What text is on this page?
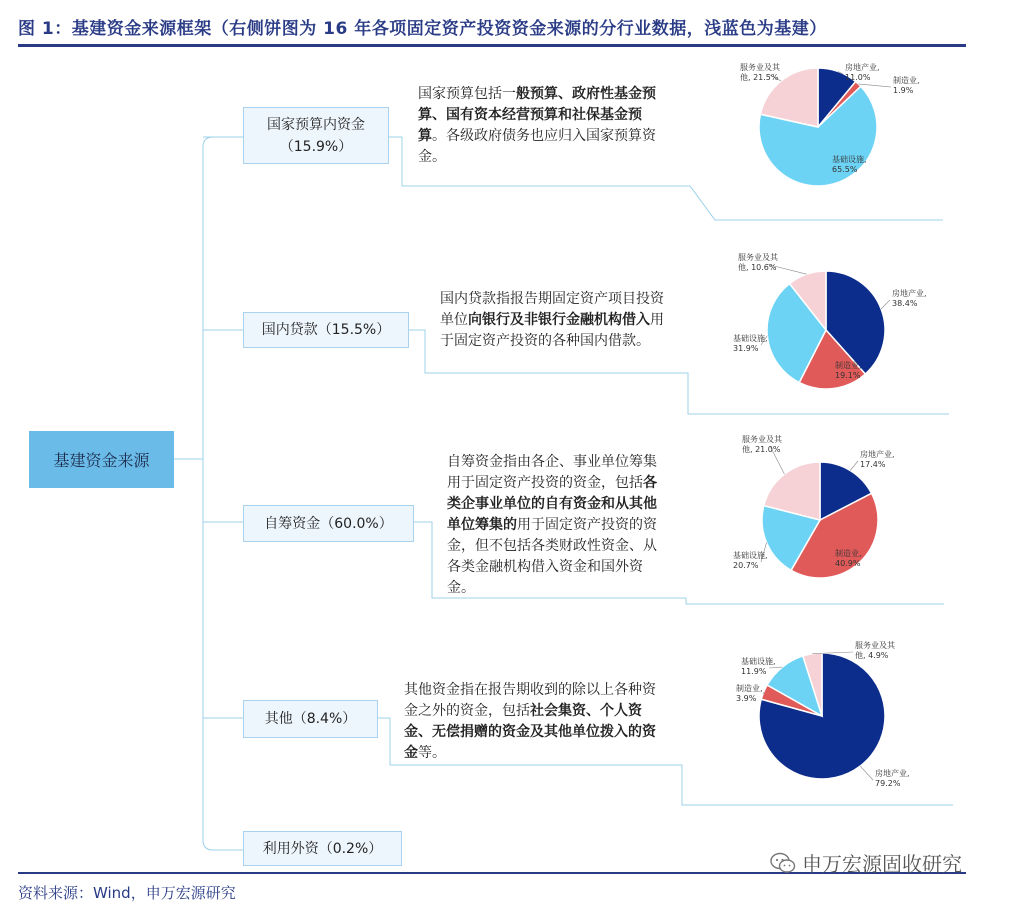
图 1：基建资金来源框架（右侧饼图为 16 年各项固定资产投资资金来源的分行业数据，浅蓝色为基建）
基建资金来源
国家预算内资金
（15.9%）
国内贷款（15.5%）
自筹资金（60.0%）
其他（8.4%）
利用外资（0.2%）
国家预算包括一般预算、政府性基金预算、国有资本经营预算和社保基金预算。各级政府债务也应归入国家预算资金。
国内贷款指报告期固定资产项目投资单位向银行及非银行金融机构借入用于固定资产投资的各种国内借款。
自筹资金指由各企、事业单位筹集用于固定资产投资的资金，包括各类企事业单位的自有资金和从其他单位筹集的用于固定资产投资的资金，但不包括各类财政性资金、从各类金融机构借入资金和国外资金。
其他资金指在报告期收到的除以上各种资金之外的资金，包括社会集资、个人资金、无偿捐赠的资金及其他单位拨入的资金等。
房地产业, 11.0%	制造业, 1.9%
基础设施, 65.5%
服务业及其他, 21.5%
房地产业, 38.4%
制造业, 19.1%
基础设施, 31.9%
服务业及其他, 10.6%
房地产业, 17.4%
制造业, 40.9%
基础设施, 20.7%
服务业及其他, 21.0%
房地产业, 79.2%
制造业, 3.9%
基础设施, 11.9%
服务业及其他, 4.9%
资料来源：Wind，申万宏源研究
申万宏源固收研究
